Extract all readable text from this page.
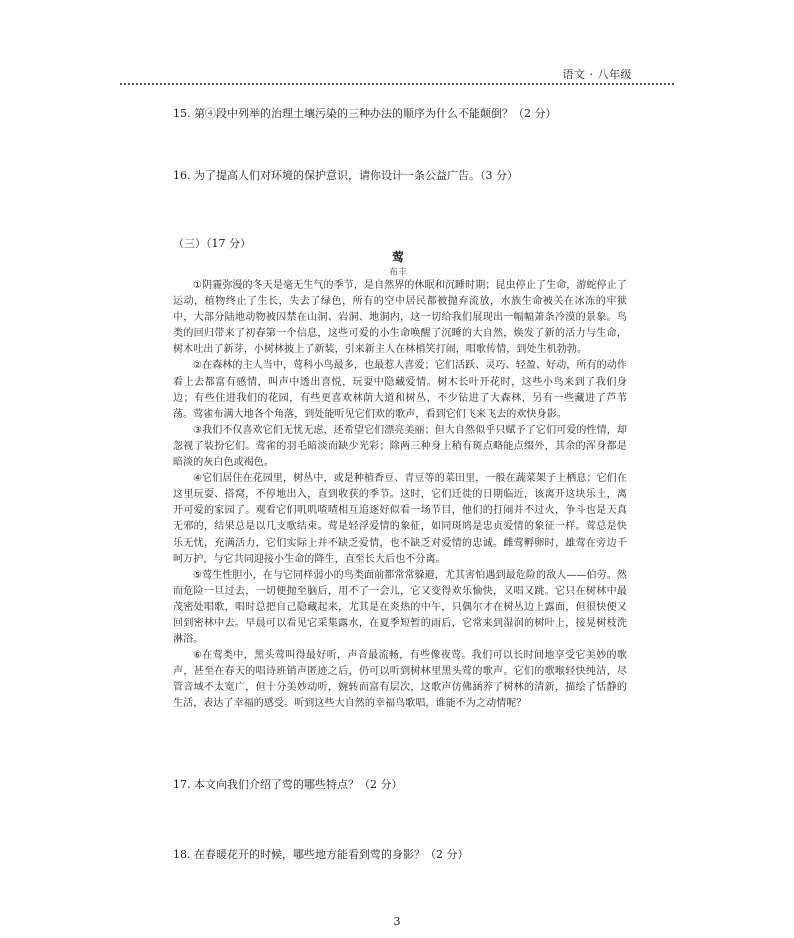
语文 · 八年级
15. 第④段中列举的治理土壤污染的三种办法的顺序为什么不能颠倒？（2 分）
16. 为了提高人们对环境的保护意识，请你设计一条公益广告。（3 分）
（三）（17 分）
莺
布丰

①阴霾弥漫的冬天是毫无生气的季节，是自然界的休眠和沉睡时期；昆虫停止了生命，游蛇停止了运动，植物终止了生长，失去了绿色，所有的空中居民都被抛弃流放，水族生命被关在冰冻的牢狱中，大部分陆地动物被囚禁在山洞、岩洞、地洞内，这一切给我们展现出一幅幅萧条冷漠的景象。鸟类的回归带来了初春第一个信息，这些可爱的小生命唤醒了沉睡的大自然，焕发了新的活力与生命，树木吐出了新芽，小树林披上了新装，引来新主人在林梢笑打闹，唱歌传情，到处生机勃勃。

②在森林的主人当中，莺科小鸟最多，也最惹人喜爱；它们活跃、灵巧、轻盈、好动，所有的动作看上去都富有感情，叫声中透出喜悦，玩耍中隐藏爱情。树木长叶开花时，这些小鸟来到了我们身边；有些住进我们的花园，有些更喜欢林荫大道和树丛，不少钻进了大森林，另有一些藏进了芦苇荡。莺雀布满大地各个角落，到处能听见它们欢的歌声，看到它们飞来飞去的欢快身影。

③我们不仅喜欢它们无忧无虑，还希望它们漂亮美丽；但大自然似乎只赋予了它们可爱的性情，却忽视了装扮它们。莺雀的羽毛暗淡而缺少光彩；除两三种身上稍有斑点略能点缀外，其余的浑身都是暗淡的灰白色或褐色。

④它们居住在花园里，树丛中，或是种植香豆、青豆等的菜田里，一般在蔬菜架子上栖息；它们在这里玩耍、搭窝，不停地出入，直到收获的季节。这时，它们迁徙的日期临近，该离开这块乐土，离开可爱的家园了。观看它们叽叽喳喳相互追逐好似看一场节目，他们的打闹并不过火，争斗也是天真无邪的，结果总是以几支歌结束。莺是轻浮爱情的象征，如同斑鸠是忠贞爱情的象征一样。莺总是快乐无忧，充满活力，它们实际上并不缺乏爱情，也不缺乏对爱情的忠诚。雌莺孵卵时，雄莺在旁边千呵万护，与它共同迎接小生命的降生，直至长大后也不分离。

⑤莺生性胆小，在与它同样弱小的鸟类面前都常常躲避，尤其害怕遇到最危险的敌人——伯劳。然而危险一旦过去，一切便抛至脑后，用不了一会儿，它又变得欢乐愉快，又唱又跳。它只在树林中最茂密处唱歌，唱时总把自己隐藏起来，尤其是在炎热的中午，只偶尔才在树丛边上露面，但很快便又回到密林中去。早晨可以看见它采集露水，在夏季短暂的雨后，它常来到湿润的树叶上，接晃树枝洗淋浴。

⑥在莺类中，黑头莺叫得最好听，声音最流畅，有些像夜莺。我们可以长时间地享受它美妙的歌声，甚至在春天的唱诗班销声匿迹之后，仍可以听到树林里黑头莺的歌声。它们的歌喉轻快纯洁，尽管音域不太宽广，但十分美妙动听，婉转而富有层次，这歌声仿佛涵养了树林的清新，描绘了恬静的生活，表达了幸福的感受。听到这些大自然的幸福鸟歌唱，谁能不为之动情呢？

17. 本文向我们介绍了莺的哪些特点？（2 分）
18. 在春暖花开的时候，哪些地方能看到莺的身影？（2 分）
3
